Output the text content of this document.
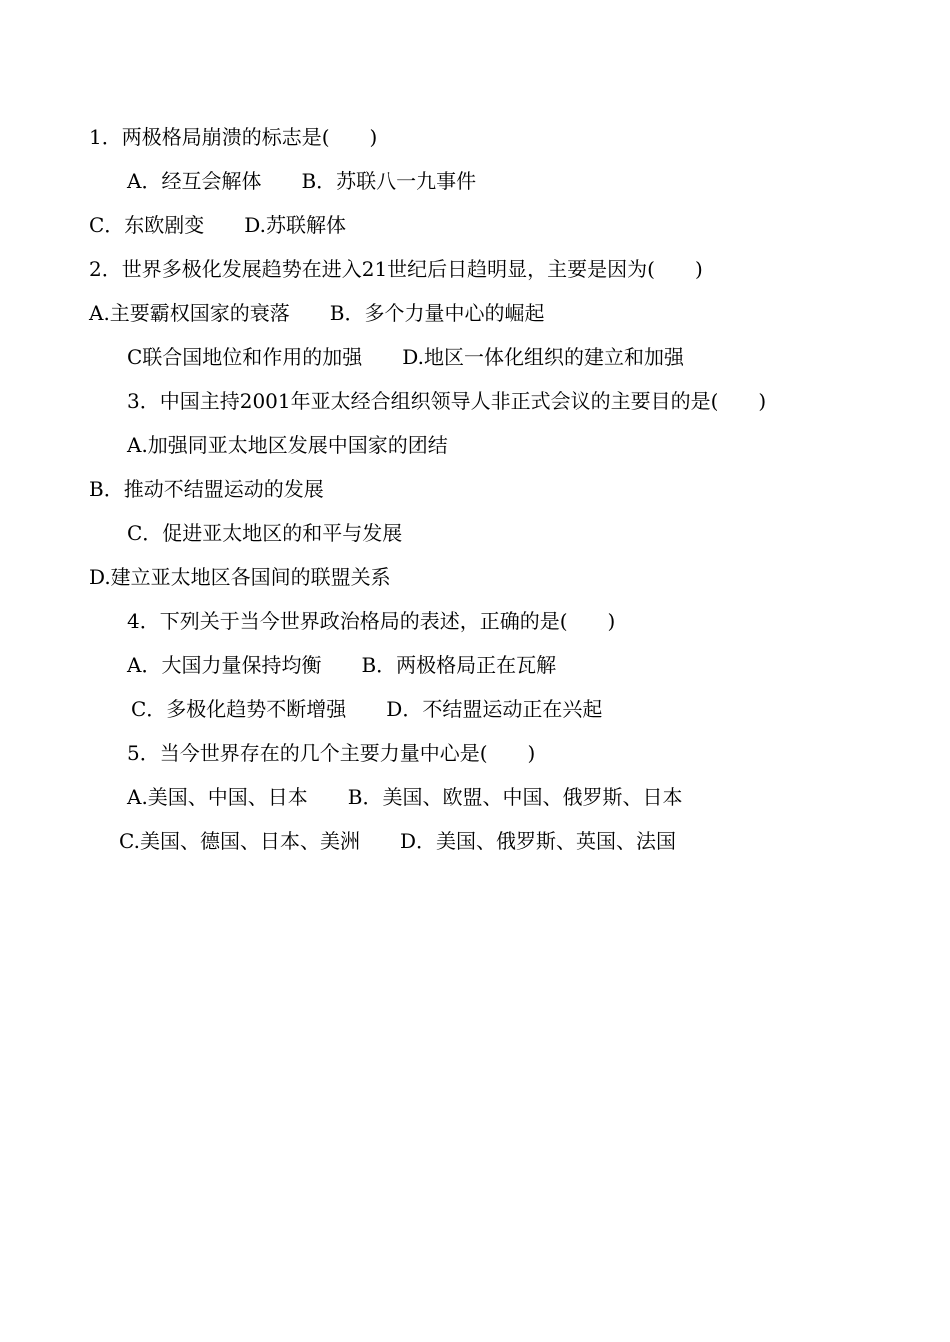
1．两极格局崩溃的标志是(　　)
A．经互会解体　　B．苏联八一九事件
C．东欧剧变　　D.苏联解体
2．世界多极化发展趋势在进入21世纪后日趋明显，主要是因为(　　)
A.主要霸权国家的衰落　　B．多个力量中心的崛起
C联合国地位和作用的加强　　D.地区一体化组织的建立和加强
3．中国主持2001年亚太经合组织领导人非正式会议的主要目的是(　　)
A.加强同亚太地区发展中国家的团结
B．推动不结盟运动的发展
C．促进亚太地区的和平与发展
D.建立亚太地区各国间的联盟关系
4．下列关于当今世界政治格局的表述，正确的是(　　)
A．大国力量保持均衡　　B．两极格局正在瓦解
C．多极化趋势不断增强　　D．不结盟运动正在兴起
5．当今世界存在的几个主要力量中心是(　　)
A.美国、中国、日本　　B．美国、欧盟、中国、俄罗斯、日本
C.美国、德国、日本、美洲　　D．美国、俄罗斯、英国、法国
